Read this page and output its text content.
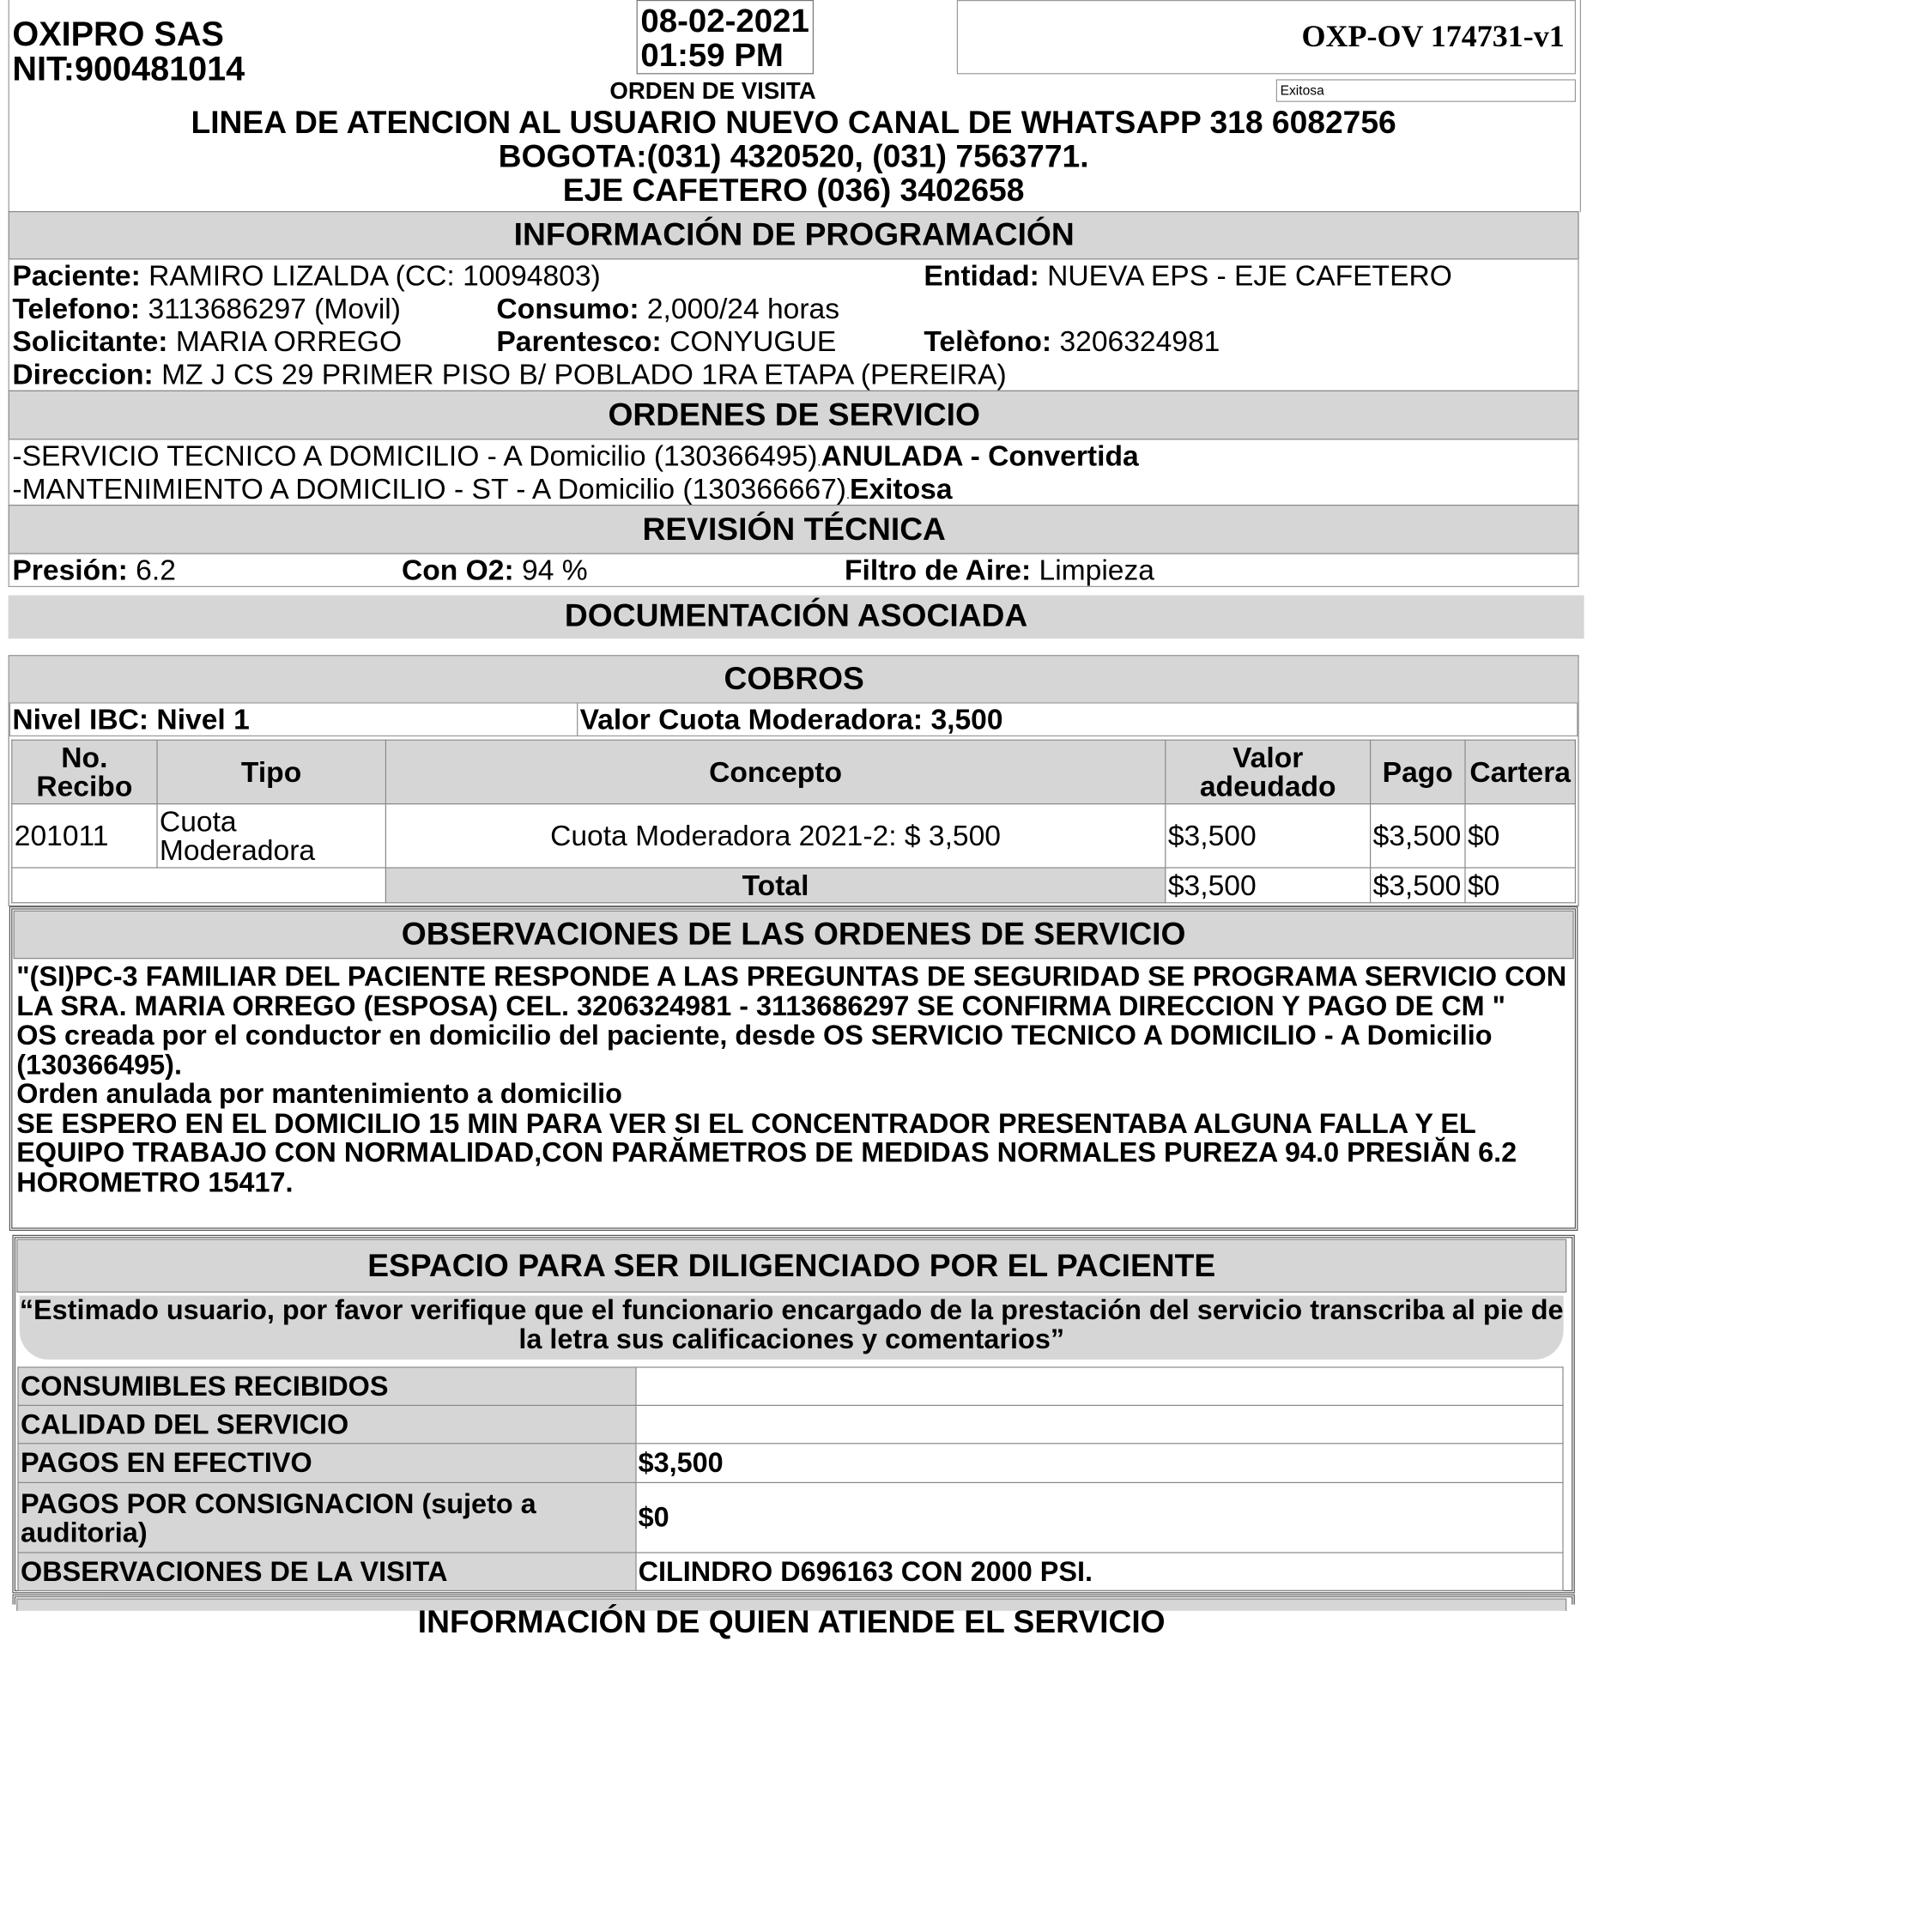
OXIPRO SAS
NIT:900481014
08-02-2021
01:59 PM
ORDEN DE VISITA
OXP-OV 174731-v1
Exitosa
LINEA DE ATENCION AL USUARIO NUEVO CANAL DE WHATSAPP 318 6082756
BOGOTA:(031) 4320520, (031) 7563771.
EJE CAFETERO (036) 3402658
INFORMACIÓN DE PROGRAMACIÓN
Paciente: RAMIRO LIZALDA (CC: 10094803)	Entidad: NUEVA EPS - EJE CAFETERO
Telefono: 3113686297 (Movil)	Consumo: 2,000/24 horas
Solicitante: MARIA ORREGO	Parentesco: CONYUGUE	Telèfono: 3206324981
Direccion: MZ J CS 29 PRIMER PISO B/ POBLADO 1RA ETAPA (PEREIRA)
ORDENES DE SERVICIO
-SERVICIO TECNICO A DOMICILIO - A Domicilio (130366495).ANULADA - Convertida
-MANTENIMIENTO A DOMICILIO - ST - A Domicilio (130366667).Exitosa
REVISIÓN TÉCNICA
Presión: 6.2	Con O2: 94 %	Filtro de Aire: Limpieza
DOCUMENTACIÓN ASOCIADA
COBROS
Nivel IBC: Nivel 1	Valor Cuota Moderadora: 3,500
No. Recibo	Tipo	Concepto	Valor adeudado	Pago	Cartera
201011	Cuota Moderadora	Cuota Moderadora 2021-2: $ 3,500	$3,500	$3,500	$0
		Total	$3,500	$3,500	$0
OBSERVACIONES DE LAS ORDENES DE SERVICIO
"(SI)PC-3 FAMILIAR DEL PACIENTE RESPONDE A LAS PREGUNTAS DE SEGURIDAD SE PROGRAMA SERVICIO CON LA SRA. MARIA ORREGO (ESPOSA) CEL. 3206324981 - 3113686297 SE CONFIRMA DIRECCION Y PAGO DE CM "
OS creada por el conductor en domicilio del paciente, desde OS SERVICIO TECNICO A DOMICILIO - A Domicilio (130366495).
Orden anulada por mantenimiento a domicilio
SE ESPERO EN EL DOMICILIO 15 MIN PARA VER SI EL CONCENTRADOR PRESENTABA ALGUNA FALLA Y EL EQUIPO TRABAJO CON NORMALIDAD,CON PARĂMETROS DE MEDIDAS NORMALES PUREZA 94.0 PRESIĂN 6.2 HOROMETRO 15417.
ESPACIO PARA SER DILIGENCIADO POR EL PACIENTE
“Estimado usuario, por favor verifique que el funcionario encargado de la prestación del servicio transcriba al pie de la letra sus calificaciones y comentarios”
CONSUMIBLES RECIBIDOS	
CALIDAD DEL SERVICIO	
PAGOS EN EFECTIVO	$3,500
PAGOS POR CONSIGNACION (sujeto a auditoria)	$0
OBSERVACIONES DE LA VISITA	CILINDRO D696163 CON 2000 PSI.
INFORMACIÓN DE QUIEN ATIENDE EL SERVICIO
